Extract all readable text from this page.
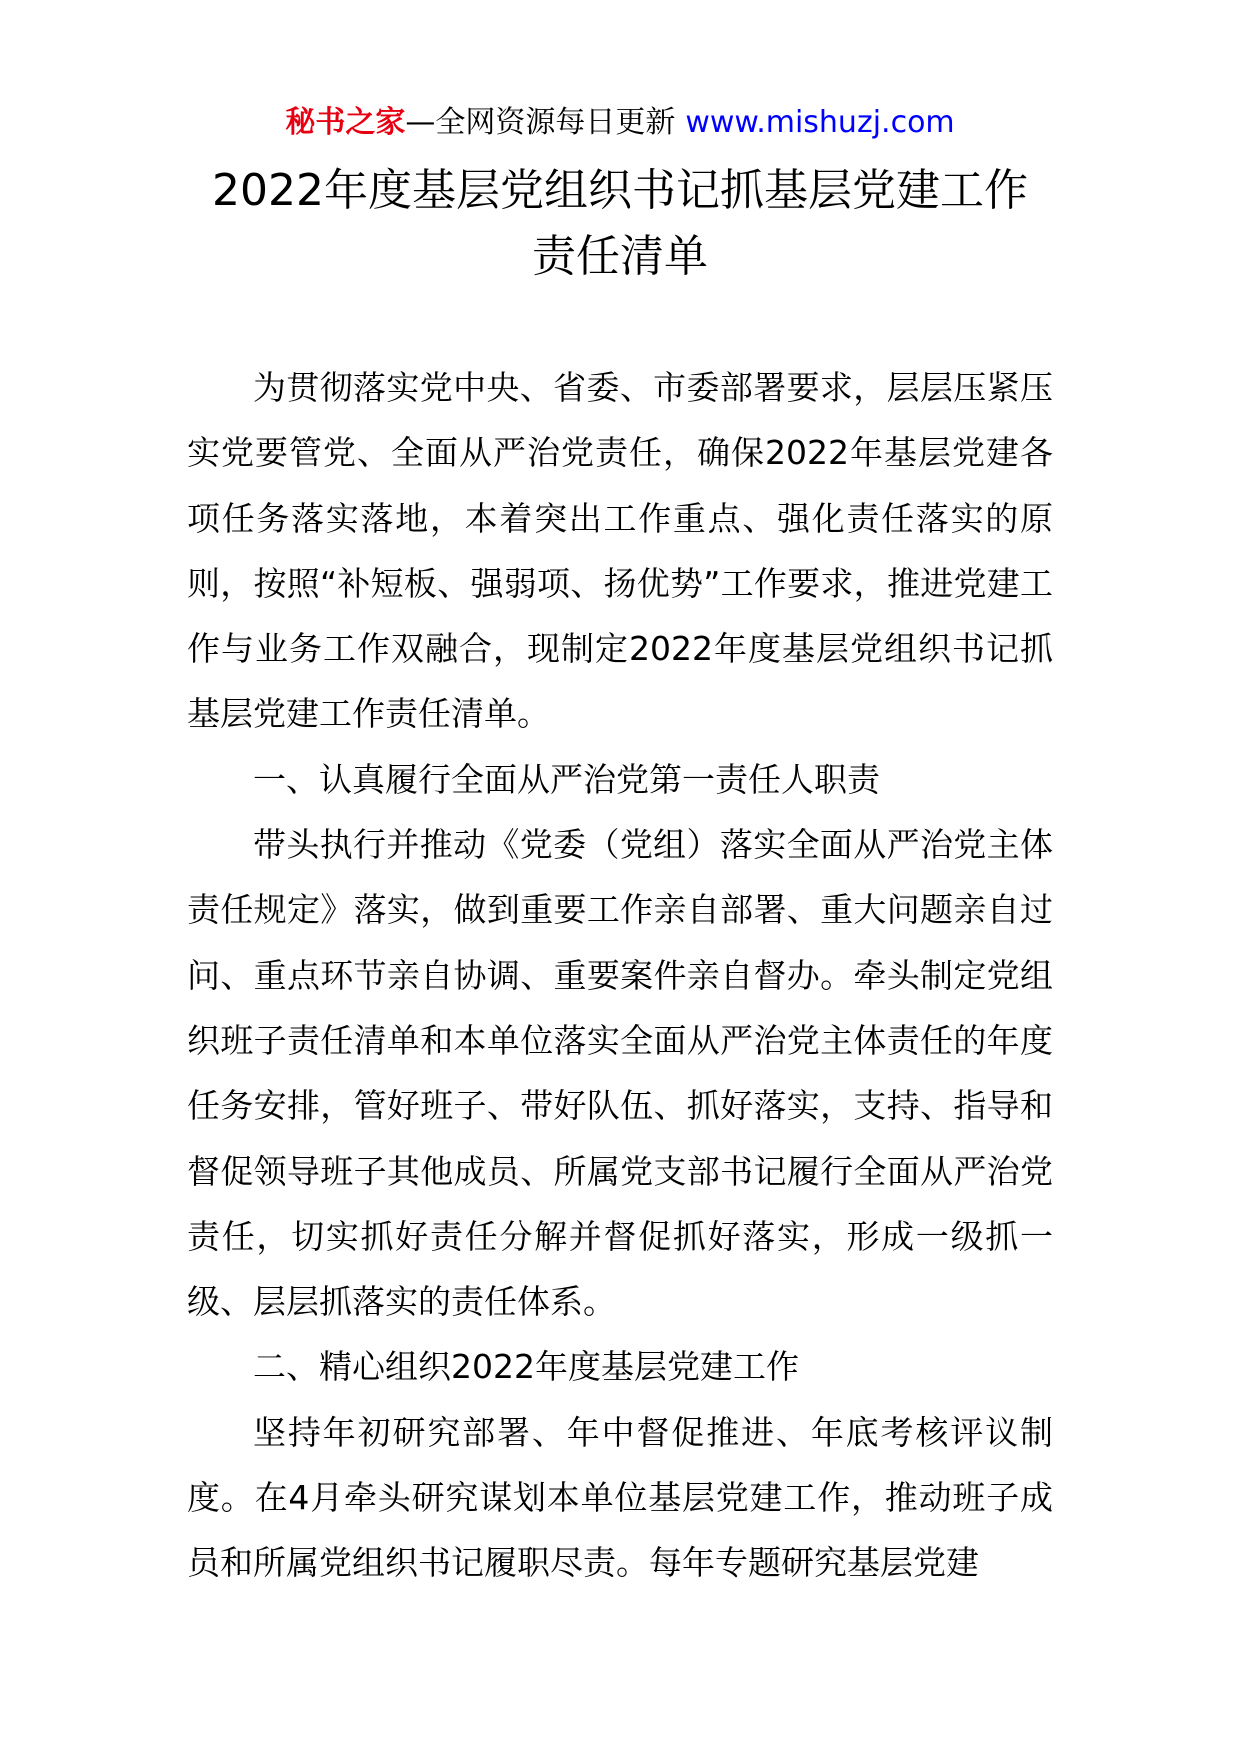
秘书之家—全网资源每日更新 www.mishuzj.com
2022年度基层党组织书记抓基层党建工作
责任清单

为贯彻落实党中央、省委、市委部署要求，层层压紧压实党要管党、全面从严治党责任，确保2022年基层党建各项任务落实落地，本着突出工作重点、强化责任落实的原则，按照“补短板、强弱项、扬优势”工作要求，推进党建工作与业务工作双融合，现制定2022年度基层党组织书记抓基层党建工作责任清单。

一、认真履行全面从严治党第一责任人职责

带头执行并推动《党委（党组）落实全面从严治党主体责任规定》落实，做到重要工作亲自部署、重大问题亲自过问、重点环节亲自协调、重要案件亲自督办。牵头制定党组织班子责任清单和本单位落实全面从严治党主体责任的年度任务安排，管好班子、带好队伍、抓好落实，支持、指导和督促领导班子其他成员、所属党支部书记履行全面从严治党责任，切实抓好责任分解并督促抓好落实，形成一级抓一级、层层抓落实的责任体系。

二、精心组织2022年度基层党建工作

坚持年初研究部署、年中督促推进、年底考核评议制度。在4月牵头研究谋划本单位基层党建工作，推动班子成员和所属党组织书记履职尽责。每年专题研究基层党建
